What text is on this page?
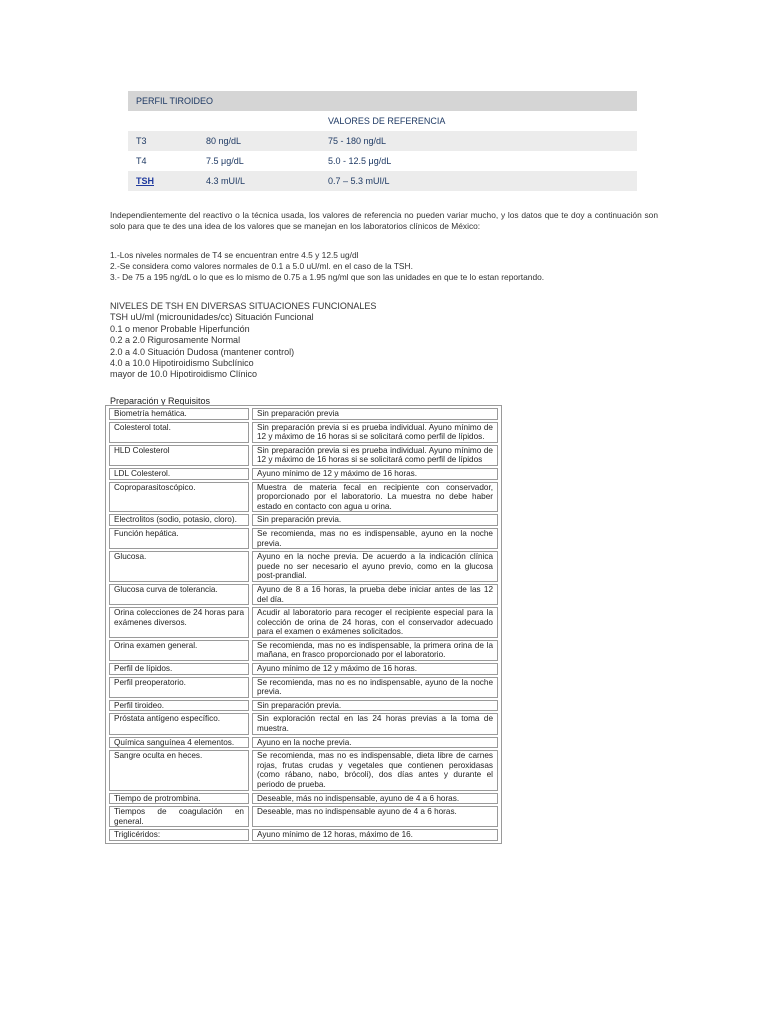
PERFIL TIROIDEO		
		VALORES DE REFERENCIA
T3	80 ng/dL	75 - 180 ng/dL
T4	7.5 μg/dL	5.0 - 12.5 μg/dL
TSH	4.3 mUI/L	0.7 – 5.3 mUI/L
Independientemente del reactivo o la técnica usada, los valores de referencia no pueden variar mucho, y los datos que te doy a continuación son solo para que te des una idea de los valores que se manejan en los laboratorios clínicos de México:
1.-Los niveles normales de T4 se encuentran entre 4.5 y 12.5 ug/dl
2.-Se considera como valores normales de 0.1 a 5.0 uU/ml. en el caso de la TSH.
3.- De 75 a 195 ng/dL o lo que es lo mismo de 0.75 a 1.95 ng/ml que son las unidades en que te lo estan reportando.
NIVELES DE TSH EN DIVERSAS SITUACIONES FUNCIONALES
TSH uU/ml (microunidades/cc) Situación Funcional
0.1 o menor Probable Hiperfunción
0.2 a 2.0 Rigurosamente Normal
2.0 a 4.0 Situación Dudosa (mantener control)
4.0 a 10.0 Hipotiroidismo Subclínico
mayor de 10.0 Hipotiroidismo Clínico
Preparación y Requisitos
Biometría hemática.	Sin preparación previa
Colesterol total.	Sin preparación previa si es prueba individual. Ayuno mínimo de 12 y máximo de 16 horas si se solicitará como perfil de lípidos.
HLD Colesterol	Sin preparación previa si es prueba individual. Ayuno mínimo de 12 y máximo de 16 horas si se solicitará como perfil de lípidos
LDL Colesterol.	Ayuno mínimo de 12 y máximo de 16 horas.
Coproparasitoscópico.	Muestra de materia fecal en recipiente con conservador, proporcionado por el laboratorio. La muestra no debe haber estado en contacto con agua u orina.
Electrolitos (sodio, potasio, cloro).	Sin preparación previa.
Función hepática.	Se recomienda, mas no es indispensable, ayuno en la noche previa.
Glucosa.	Ayuno en la noche previa. De acuerdo a la indicación clínica puede no ser necesario el ayuno previo, como en la glucosa post-prandial.
Glucosa curva de tolerancia.	Ayuno de 8 a 16 horas, la prueba debe iniciar antes de las 12 del día.
Orina colecciones de 24 horas para exámenes diversos.	Acudir al laboratorio para recoger el recipiente especial para la colección de orina de 24 horas, con el conservador adecuado para el examen o exámenes solicitados.
Orina examen general.	Se recomienda, mas no es indispensable, la primera orina de la mañana, en frasco proporcionado por el laboratorio.
Perfil de lípidos.	Ayuno mínimo de 12 y máximo de 16 horas.
Perfil preoperatorio.	Se recomienda, mas no es no indispensable, ayuno de la noche previa.
Perfil tiroideo.	Sin preparación previa.
Próstata antígeno específico.	Sin exploración rectal en las 24 horas previas a la toma de muestra.
Química sanguínea 4 elementos.	Ayuno en la noche previa.
Sangre oculta en heces.	Se recomienda, mas no es indispensable, dieta libre de carnes rojas, frutas crudas y vegetales que contienen peroxidasas (como rábano, nabo, brócoli), dos días antes y durante el periodo de prueba.
Tiempo de protrombina.	Deseable, más no indispensable, ayuno de 4 a 6 horas.
Tiempos de coagulación en general.	Deseable, mas no indispensable ayuno de 4 a 6 horas.
Triglicéridos:	Ayuno mínimo de 12 horas, máximo de 16.
